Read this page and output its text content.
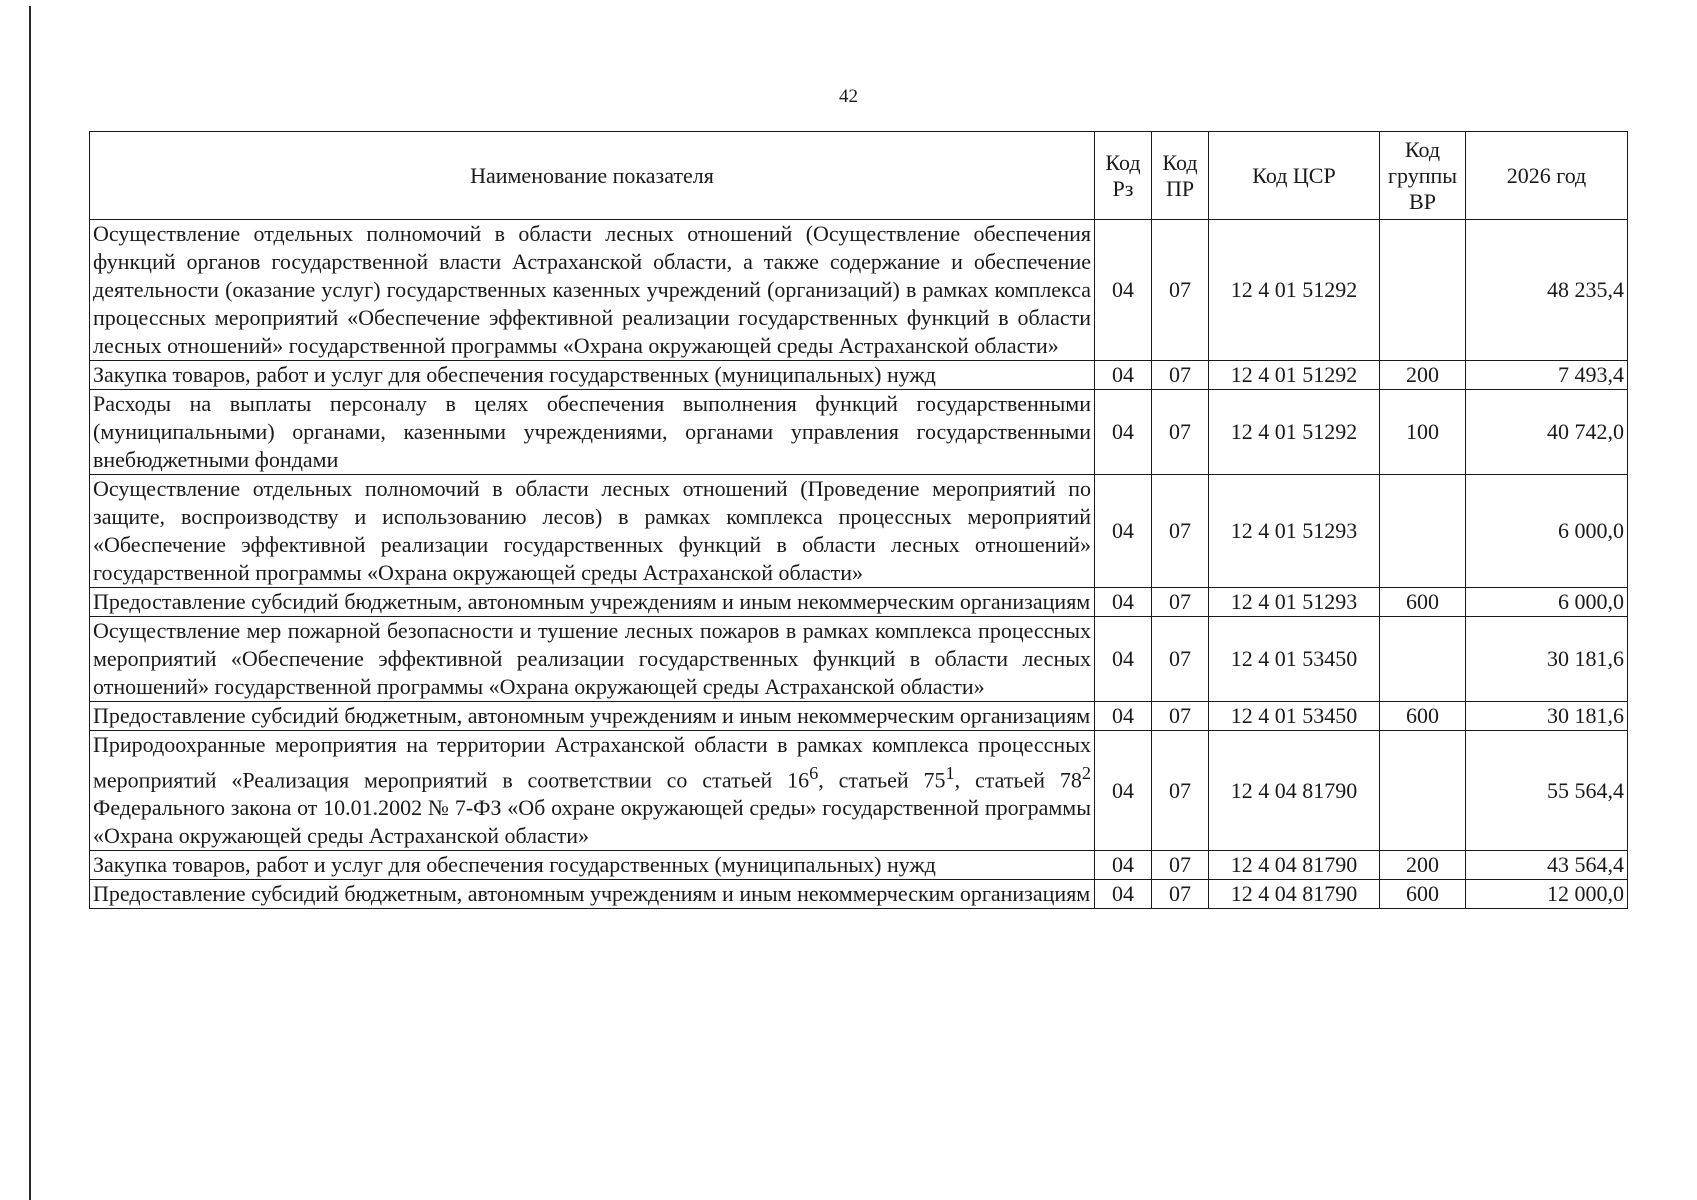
42
Наименование показателя	Код Рз	Код ПР	Код ЦСР	Код группы ВР	2026 год
Осуществление отдельных полномочий в области лесных отношений (Осуществление обеспечения функций органов государственной власти Астраханской области, а также содержание и обеспечение деятельности (оказание услуг) государственных казенных учреждений (организаций) в рамках комплекса процессных мероприятий «Обеспечение эффективной реализации государственных функций в области лесных отношений» государственной программы «Охрана окружающей среды Астраханской области»	04	07	12 4 01 51292		48 235,4
Закупка товаров, работ и услуг для обеспечения государственных (муниципальных) нужд	04	07	12 4 01 51292	200	7 493,4
Расходы на выплаты персоналу в целях обеспечения выполнения функций государственными (муниципальными) органами, казенными учреждениями, органами управления государственными внебюджетными фондами	04	07	12 4 01 51292	100	40 742,0
Осуществление отдельных полномочий в области лесных отношений (Проведение мероприятий по защите, воспроизводству и использованию лесов) в рамках комплекса процессных мероприятий «Обеспечение эффективной реализации государственных функций в области лесных отношений» государственной программы «Охрана окружающей среды Астраханской области»	04	07	12 4 01 51293		6 000,0
Предоставление субсидий бюджетным, автономным учреждениям и иным некоммерческим организациям	04	07	12 4 01 51293	600	6 000,0
Осуществление мер пожарной безопасности и тушение лесных пожаров в рамках комплекса процессных мероприятий «Обеспечение эффективной реализации государственных функций в области лесных отношений» государственной программы «Охрана окружающей среды Астраханской области»	04	07	12 4 01 53450		30 181,6
Предоставление субсидий бюджетным, автономным учреждениям и иным некоммерческим организациям	04	07	12 4 01 53450	600	30 181,6
Природоохранные мероприятия на территории Астраханской области в рамках комплекса процессных мероприятий «Реализация мероприятий в соответствии со статьей $16^6$, статьей $75^1$, статьей $78^2$ Федерального закона от 10.01.2002 № 7-ФЗ «Об охране окружающей среды» государственной программы «Охрана окружающей среды Астраханской области»	04	07	12 4 04 81790		55 564,4
Закупка товаров, работ и услуг для обеспечения государственных (муниципальных) нужд	04	07	12 4 04 81790	200	43 564,4
Предоставление субсидий бюджетным, автономным учреждениям и иным некоммерческим организациям	04	07	12 4 04 81790	600	12 000,0
